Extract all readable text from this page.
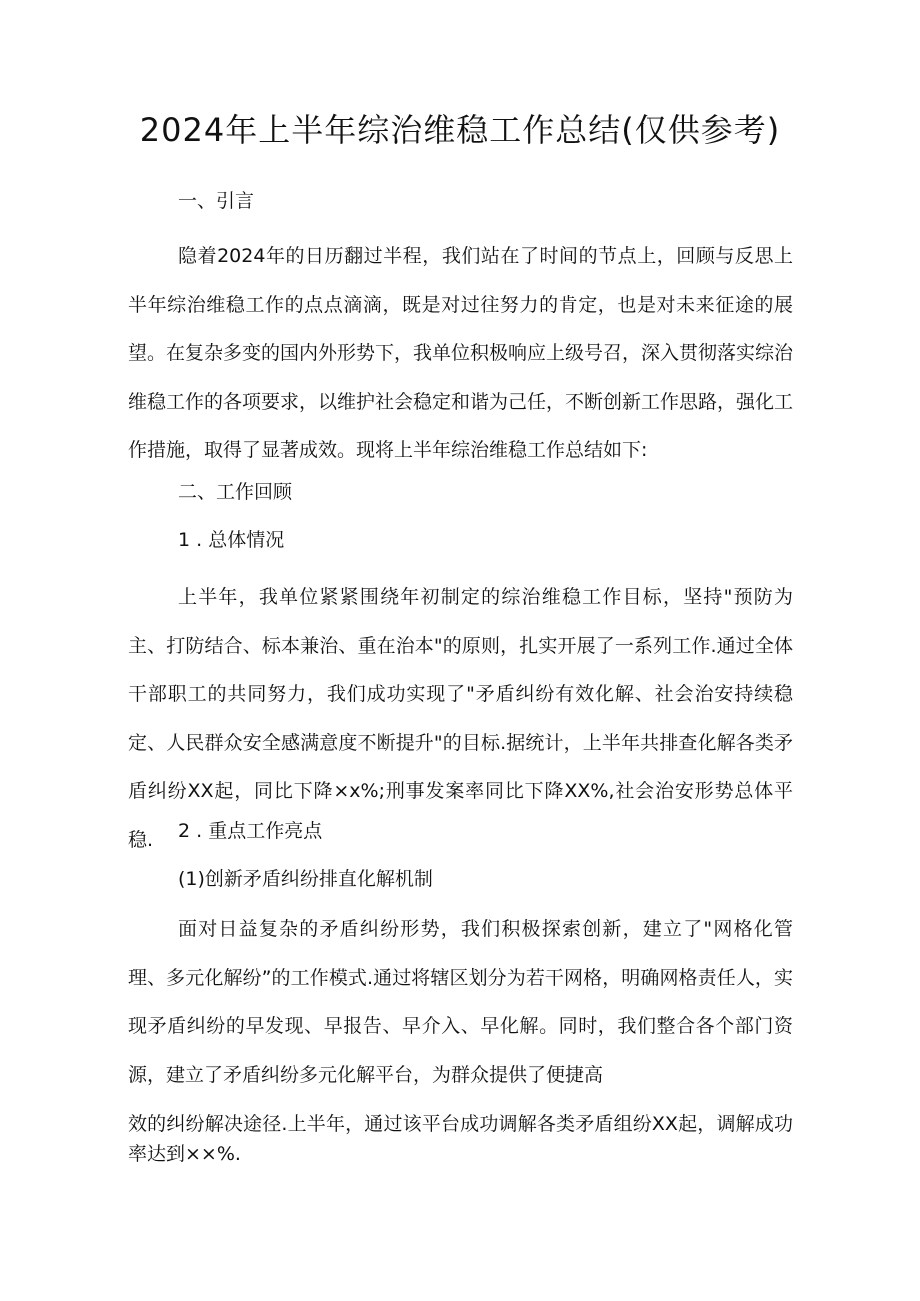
2024年上半年综治维稳工作总结(仅供参考)
一、引言
隐着2024年的日历翻过半程，我们站在了时间的节点上，回顾与反思上半年综治维稳工作的点点滴滴，既是对过往努力的肯定，也是对未来征途的展望。在复杂多变的国内外形势下，我单位积极响应上级号召，深入贯彻落实综治维稳工作的各项要求，以维护社会稳定和谐为己任，不断创新工作思路，强化工作措施，取得了显著成效。现将上半年综治维稳工作总结如下:
二、工作回顾
1 . 总体情况
上半年，我单位紧紧围绕年初制定的综治维稳工作目标，坚持"预防为主、打防结合、标本兼治、重在治本"的原则，扎实开展了一系列工作.通过全体干部职工的共同努力，我们成功实现了"矛盾纠纷有效化解、社会治安持续稳定、人民群众安全感满意度不断提升"的目标.据统计，上半年共排查化解各类矛盾纠纷XX起，同比下降×x%;刑事发案率同比下降XX%,社会治安形势总体平稳.	2 . 重点工作亮点
(1)创新矛盾纠纷排直化解机制
面对日益复杂的矛盾纠纷形势，我们积极探索创新，建立了"网格化管理、多元化解纷”的工作模式.通过将辖区划分为若干网格，明确网格责任人，实现矛盾纠纷的早发现、早报告、早介入、早化解。同时，我们整合各个部门资源，建立了矛盾纠纷多元化解平台，为群众提供了便捷高
效的纠纷解决途径.上半年，通过该平台成功调解各类矛盾组纷XX起，调解成功率达到××%.
